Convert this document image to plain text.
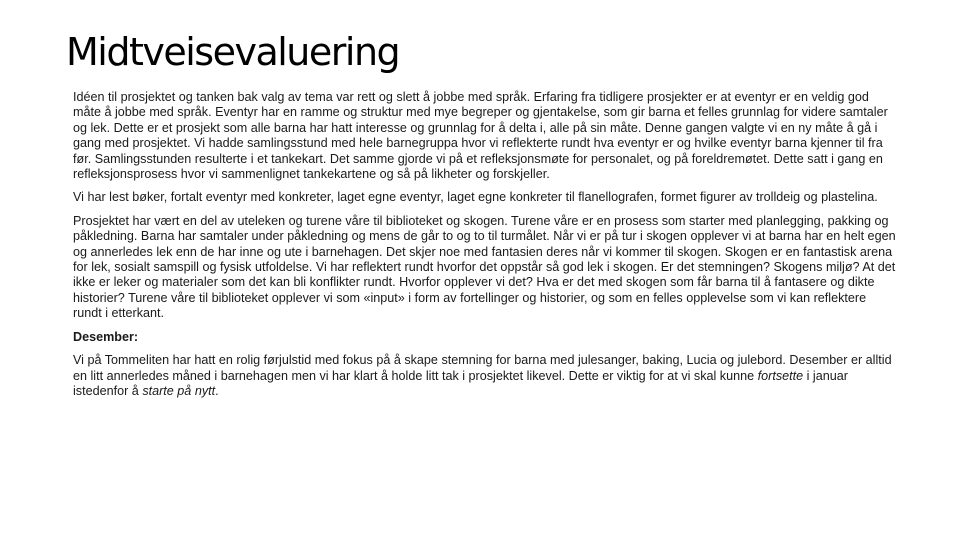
Midtveisevaluering

Idéen til prosjektet og tanken bak valg av tema var rett og slett å jobbe med språk. Erfaring fra tidligere prosjekter er at eventyr er en veldig god måte å jobbe med språk. Eventyr har en ramme og struktur med mye begreper og gjentakelse, som gir barna et felles grunnlag for videre samtaler og lek. Dette er et prosjekt som alle barna har hatt interesse og grunnlag for å delta i, alle på sin måte. Denne gangen valgte vi en ny måte å gå i gang med prosjektet. Vi hadde samlingsstund med hele barnegruppa hvor vi reflekterte rundt hva eventyr er og hvilke eventyr barna kjenner til fra før. Samlingsstunden resulterte i et tankekart. Det samme gjorde vi på et refleksjonsmøte for personalet, og på foreldremøtet. Dette satt i gang en refleksjonsprosess hvor vi sammenlignet tankekartene og så på likheter og forskjeller.

Vi har lest bøker, fortalt eventyr med konkreter, laget egne eventyr, laget egne konkreter til flanellografen, formet figurer av trolldeig og plastelina.

Prosjektet har vært en del av uteleken og turene våre til biblioteket og skogen. Turene våre er en prosess som starter med planlegging, pakking og påkledning. Barna har samtaler under påkledning og mens de går to og to til turmålet. Når vi er på tur i skogen opplever vi at barna har en helt egen og annerledes lek enn de har inne og ute i barnehagen. Det skjer noe med fantasien deres når vi kommer til skogen. Skogen er en fantastisk arena for lek, sosialt samspill og fysisk utfoldelse. Vi har reflektert rundt hvorfor det oppstår så god lek i skogen. Er det stemningen? Skogens miljø? At det ikke er leker og materialer som det kan bli konflikter rundt. Hvorfor opplever vi det? Hva er det med skogen som får barna til å fantasere og dikte historier? Turene våre til biblioteket opplever vi som «input» i form av fortellinger og historier, og som en felles opplevelse som vi kan reflektere rundt i etterkant.

Desember:

Vi på Tommeliten har hatt en rolig førjulstid med fokus på å skape stemning for barna med julesanger, baking, Lucia og julebord. Desember er alltid en litt annerledes måned i barnehagen men vi har klart å holde litt tak i prosjektet likevel. Dette er viktig for at vi skal kunne fortsette i januar istedenfor å starte på nytt.
